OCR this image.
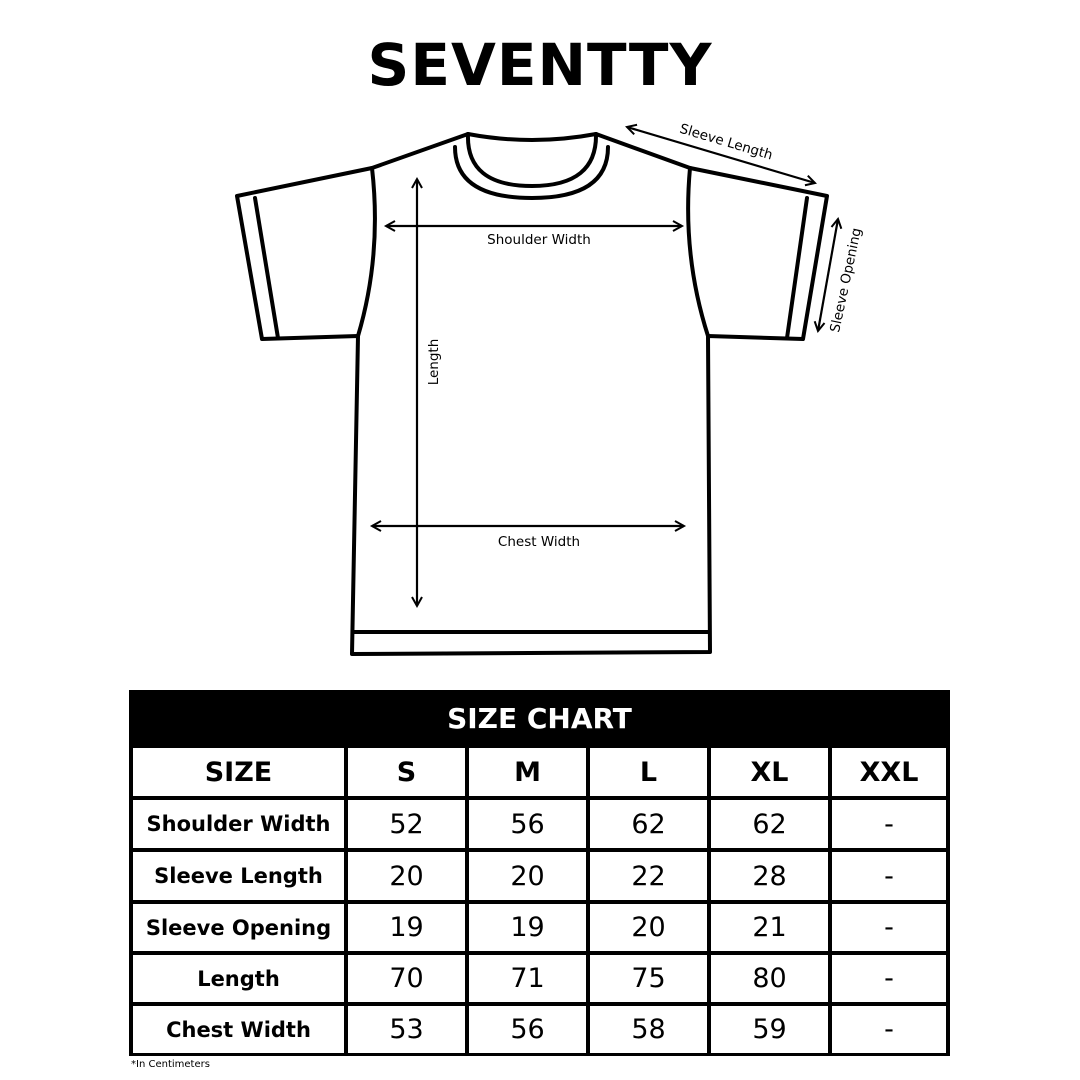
SEVENTTY
Shoulder Width
Chest Width
Length
Sleeve Length
Sleeve Opening
SIZE CHART
SIZE	S	M	L	XL	XXL
Shoulder Width 52	56	62	62	-
Sleeve Length 20	20	22	28	-
Sleeve Opening 19	19	20	21	-
Length	70	71	75	80	-
Chest Width	53	56	58	59	-
*In Centimeters
